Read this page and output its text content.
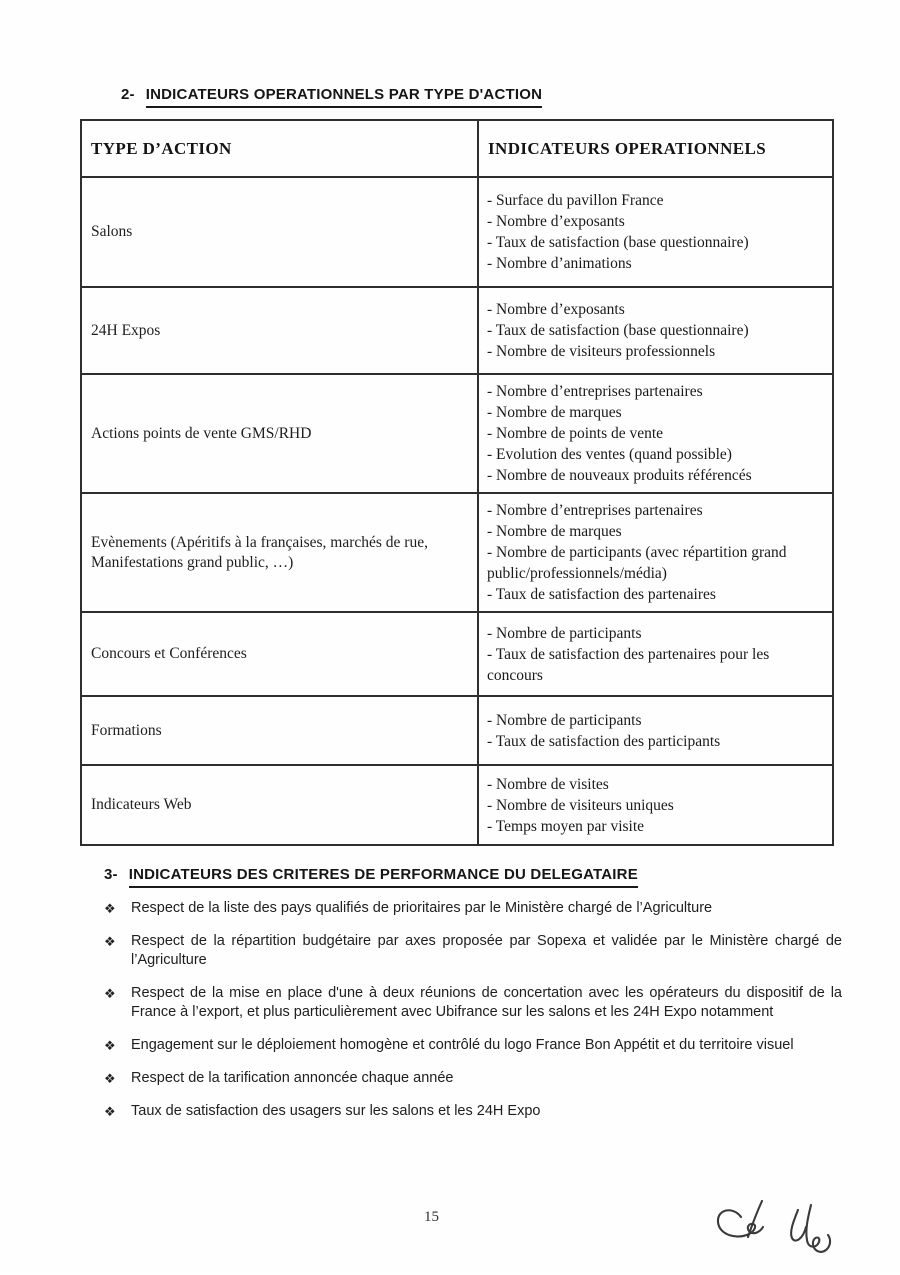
2- INDICATEURS OPERATIONNELS PAR TYPE D'ACTION
TYPE D’ACTION	INDICATEURS OPERATIONNELS
Salons	- Surface du pavillon France
- Nombre d’exposants
- Taux de satisfaction (base questionnaire)
- Nombre d’animations

24H Expos	- Nombre d’exposants
- Taux de satisfaction (base questionnaire)
- Nombre de visiteurs professionnels

Actions points de vente GMS/RHD	- Nombre d’entreprises partenaires
- Nombre de marques
- Nombre de points de vente
- Evolution des ventes (quand possible)
- Nombre de nouveaux produits référencés

Evènements (Apéritifs à la françaises, marchés de rue, Manifestations grand public, …)	- Nombre d’entreprises partenaires
- Nombre de marques
- Nombre de participants (avec répartition grand public/professionnels/média)
- Taux de satisfaction des partenaires

Concours et Conférences	- Nombre de participants
- Taux de satisfaction des partenaires pour les concours

Formations	- Nombre de participants
- Taux de satisfaction des participants

Indicateurs Web	- Nombre de visites
- Nombre de visiteurs uniques
- Temps moyen par visite
3- INDICATEURS DES CRITERES DE PERFORMANCE DU DELEGATAIRE
❖ Respect de la liste des pays qualifiés de prioritaires par le Ministère chargé de l’Agriculture
❖ Respect de la répartition budgétaire par axes proposée par Sopexa et validée par le Ministère chargé de l’Agriculture
❖ Respect de la mise en place d'une à deux réunions de concertation avec les opérateurs du dispositif de la France à l’export, et plus particulièrement avec Ubifrance sur les salons et les 24H Expo notamment
❖ Engagement sur le déploiement homogène et contrôlé du logo France Bon Appétit et du territoire visuel
❖ Respect de la tarification annoncée chaque année
❖ Taux de satisfaction des usagers sur les salons et les 24H Expo
15
